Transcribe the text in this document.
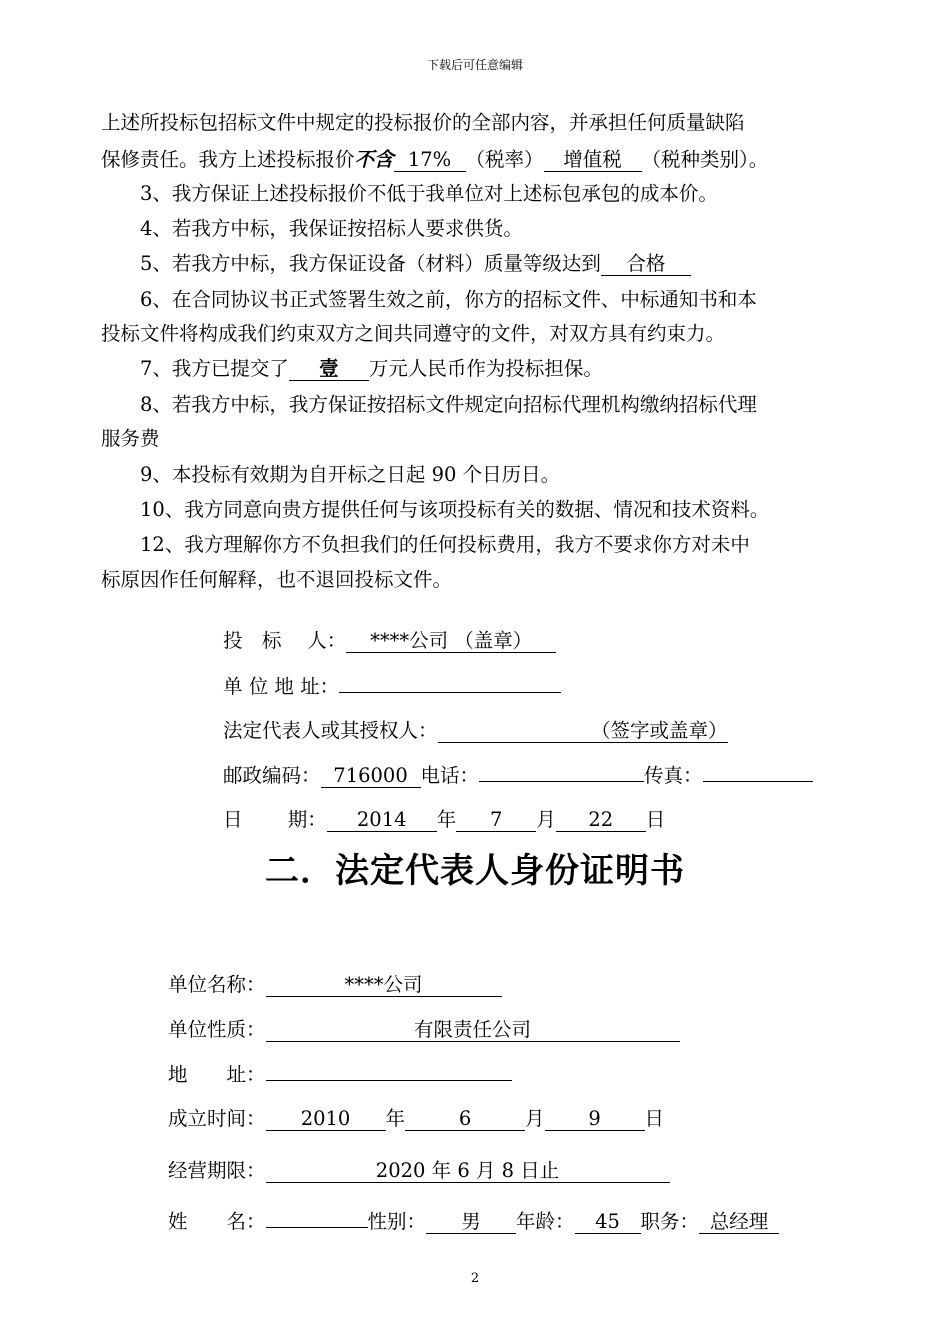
下载后可任意编辑
上述所投标包招标文件中规定的投标报价的全部内容，并承担任何质量缺陷
保修责任。我方上述投标报价不含 17% （税率） 增值税 （税种类别）。
3、我方保证上述投标报价不低于我单位对上述标包承包的成本价。
4、若我方中标，我保证按招标人要求供货。
5、若我方中标，我方保证设备（材料）质量等级达到 合格
6、在合同协议书正式签署生效之前，你方的招标文件、中标通知书和本
投标文件将构成我们约束双方之间共同遵守的文件，对双方具有约束力。
7、我方已提交了 壹 万元人民币作为投标担保。
8、若我方中标，我方保证按招标文件规定向招标代理机构缴纳招标代理
服务费
9、本投标有效期为自开标之日起 90 个日历日。
10、我方同意向贵方提供任何与该项投标有关的数据、情况和技术资料。
12、我方理解你方不负担我们的任何投标费用，我方不要求你方对未中
标原因作任何解释，也不退回投标文件。
投　标　 人： ****公司 （盖章）
单 位 地 址：
法定代表人或其授权人：	（签字或盖章）
邮政编码： 716000 电话：	传真：
日　　 期： 2014 年 7 月 22 日
二．法定代表人身份证明书
单位名称：	****公司
单位性质：	有限责任公司
地　　址：
成立时间： 2010 年	6	月 9 日
经营期限：	2020 年 6 月 8 日止
姓　　名：	性别： 男 年龄： 45 职务： 总经理
2
